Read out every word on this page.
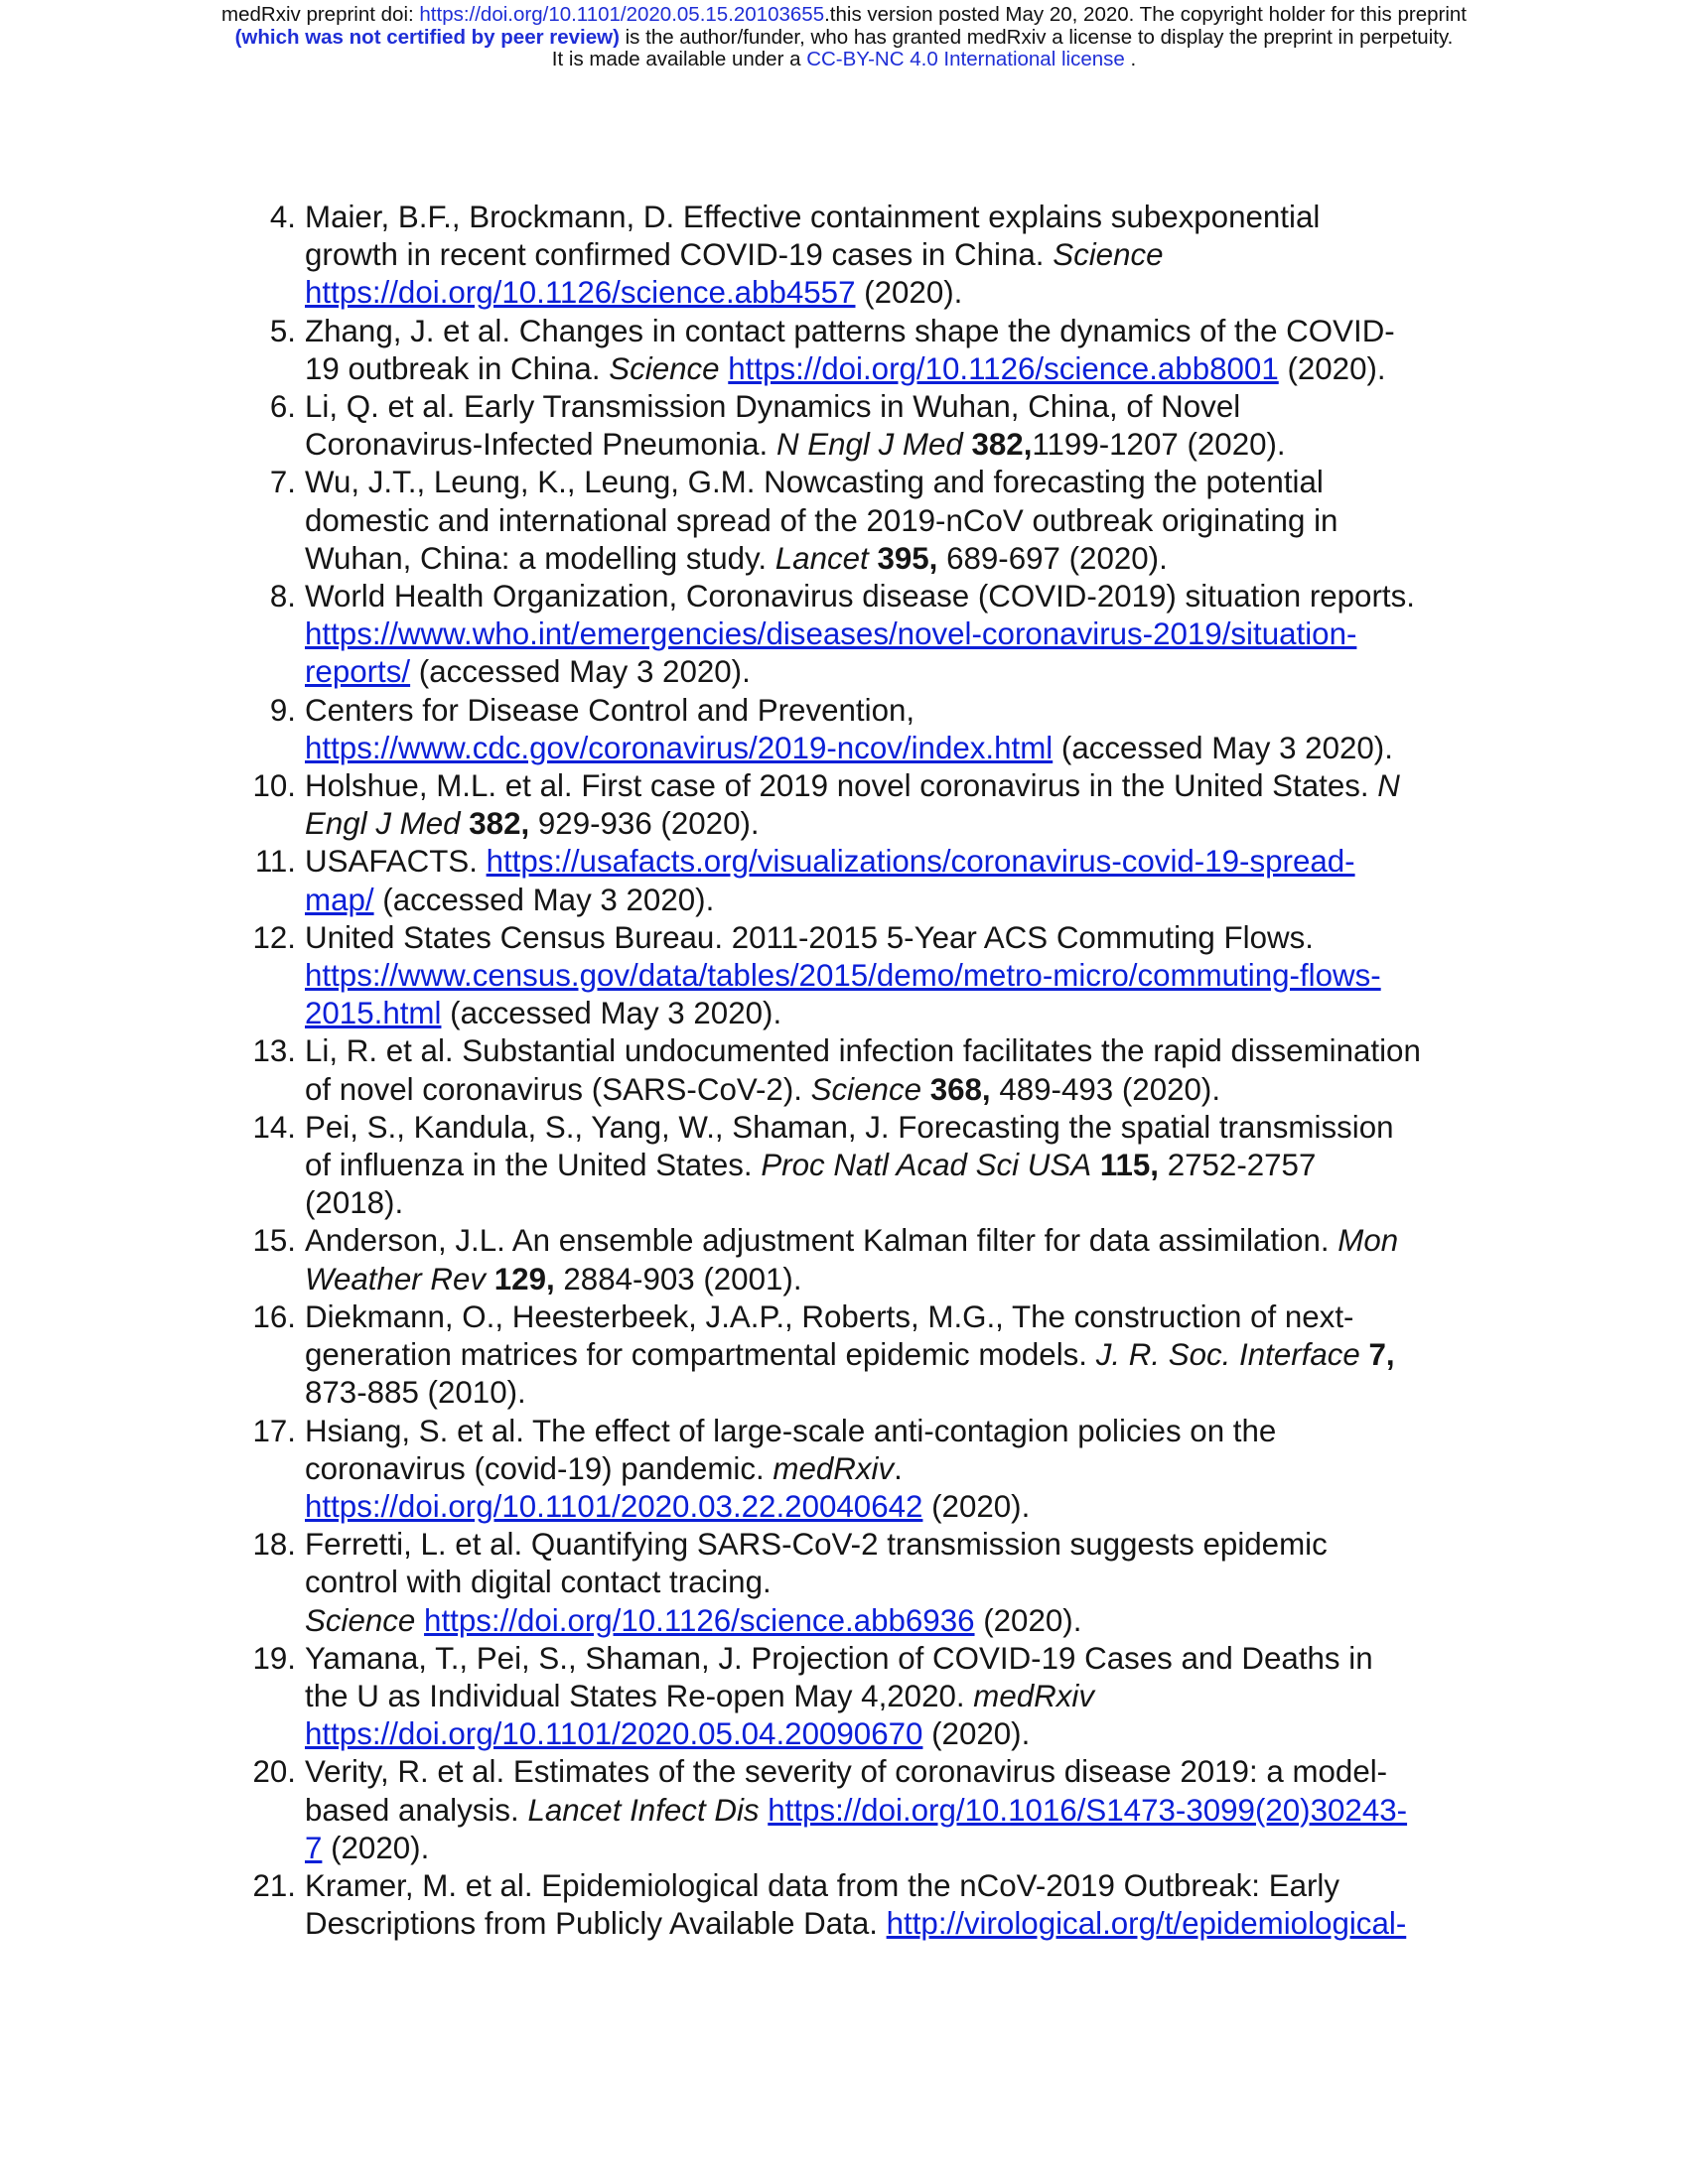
medRxiv preprint doi: https://doi.org/10.1101/2020.05.15.20103655.this version posted May 20, 2020. The copyright holder for this preprint
(which was not certified by peer review) is the author/funder, who has granted medRxiv a license to display the preprint in perpetuity.
It is made available under a CC-BY-NC 4.0 International license .
4. Maier, B.F., Brockmann, D. Effective containment explains subexponential
growth in recent confirmed COVID-19 cases in China. Science
https://doi.org/10.1126/science.abb4557 (2020).
5. Zhang, J. et al. Changes in contact patterns shape the dynamics of the COVID-
19 outbreak in China. Science https://doi.org/10.1126/science.abb8001 (2020).
6. Li, Q. et al. Early Transmission Dynamics in Wuhan, China, of Novel
Coronavirus-Infected Pneumonia. N Engl J Med 382,1199-1207 (2020).
7. Wu, J.T., Leung, K., Leung, G.M. Nowcasting and forecasting the potential
domestic and international spread of the 2019-nCoV outbreak originating in
Wuhan, China: a modelling study. Lancet 395, 689-697 (2020).
8. World Health Organization, Coronavirus disease (COVID-2019) situation reports.
https://www.who.int/emergencies/diseases/novel-coronavirus-2019/situation-
reports/ (accessed May 3 2020).
9. Centers for Disease Control and Prevention,
https://www.cdc.gov/coronavirus/2019-ncov/index.html (accessed May 3 2020).
10. Holshue, M.L. et al. First case of 2019 novel coronavirus in the United States. N
Engl J Med 382, 929-936 (2020).
11. USAFACTS. https://usafacts.org/visualizations/coronavirus-covid-19-spread-
map/ (accessed May 3 2020).
12. United States Census Bureau. 2011-2015 5-Year ACS Commuting Flows.
https://www.census.gov/data/tables/2015/demo/metro-micro/commuting-flows-
2015.html (accessed May 3 2020).
13. Li, R. et al. Substantial undocumented infection facilitates the rapid dissemination
of novel coronavirus (SARS-CoV-2). Science 368, 489-493 (2020).
14. Pei, S., Kandula, S., Yang, W., Shaman, J. Forecasting the spatial transmission
of influenza in the United States. Proc Natl Acad Sci USA 115, 2752-2757
(2018).
15. Anderson, J.L. An ensemble adjustment Kalman filter for data assimilation. Mon
Weather Rev 129, 2884-903 (2001).
16. Diekmann, O., Heesterbeek, J.A.P., Roberts, M.G., The construction of next-
generation matrices for compartmental epidemic models. J. R. Soc. Interface 7,
873-885 (2010).
17. Hsiang, S. et al. The effect of large-scale anti-contagion policies on the
coronavirus (covid-19) pandemic. medRxiv.
https://doi.org/10.1101/2020.03.22.20040642 (2020).
18. Ferretti, L. et al. Quantifying SARS-CoV-2 transmission suggests epidemic
control with digital contact tracing.
Science https://doi.org/10.1126/science.abb6936 (2020).
19. Yamana, T., Pei, S., Shaman, J. Projection of COVID-19 Cases and Deaths in
the U as Individual States Re-open May 4,2020. medRxiv
https://doi.org/10.1101/2020.05.04.20090670 (2020).
20. Verity, R. et al. Estimates of the severity of coronavirus disease 2019: a model-
based analysis. Lancet Infect Dis https://doi.org/10.1016/S1473-3099(20)30243-
7 (2020).
21. Kramer, M. et al. Epidemiological data from the nCoV-2019 Outbreak: Early
Descriptions from Publicly Available Data. http://virological.org/t/epidemiological-
